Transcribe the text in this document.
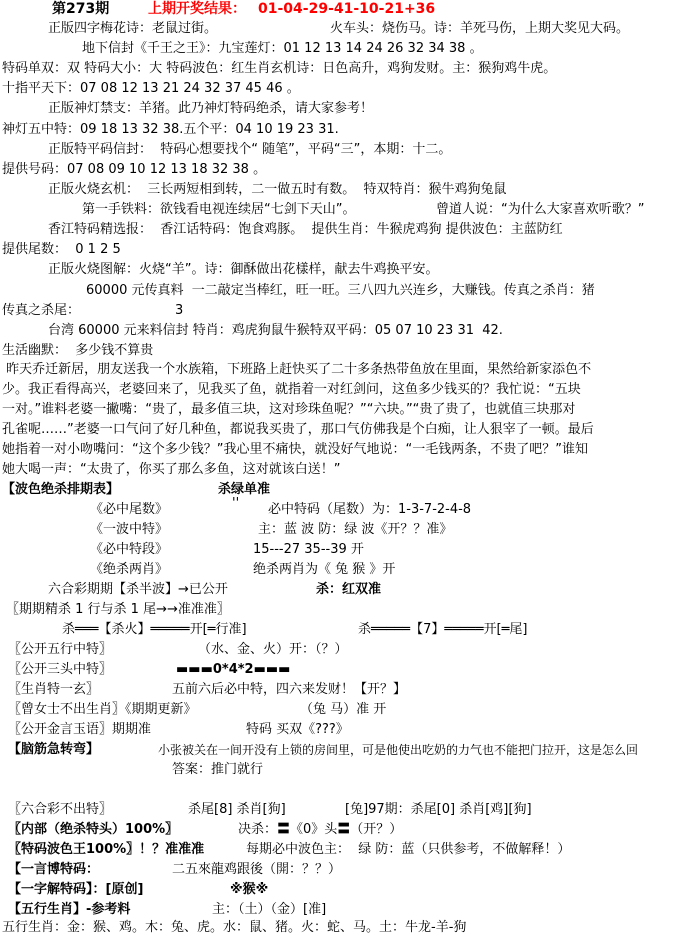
第273期	上期开奖结果： 01-04-29-41-10-21+36
正版四字梅花诗：老鼠过街。	火车头：烧伤马。诗：羊死马伤，上期大奖见大码。
地下信封《千王之王》：九宝莲灯：01 12 13 14 24 26 32 34 38 。
特码单双：双 特码大小：大 特码波色：红生肖玄机诗：日色高升，鸡狗发财。主：猴狗鸡牛虎。
十指平天下：07 08 12 13 21 24 32 37 45 46 。
正版神灯禁支：羊猪。此乃神灯特码绝杀，请大家参考！
神灯五中特：09 18 13 32 38.五个平：04 10 19 23 31.
正版特平码信封：  特码心想要找个“ 随笔”，平码“三”，本期：十二。
提供号码：07 08 09 10 12 13 18 32 38 。
正版火烧玄机：  三长两短相到转，二一做五时有数。  特双特肖：猴牛鸡狗兔鼠
第一手铁料：欲钱看电视连续居“七剑下天山”。	曾道人说：“为什么大家喜欢听歌？”
香江特码精选报：  香江话特码：饱食鸡豚。  提供生肖：牛猴虎鸡狗 提供波色：主蓝防红
提供尾数：  0 1 2 5
正版火烧图解：火烧“羊”。诗：御酥做出花樣样，献去牛鸡换平安。
60000 元传真料  一二敲定当棒红，旺一旺。三八四九兴连乡，大赚钱。传真之杀肖：猪
传真之杀尾：	3
台湾 60000 元来料信封 特肖：鸡虎狗鼠牛猴特双平码：05 07 10 23 31  42.
生活幽默：  多少钱不算贵
昨天乔迁新居，朋友送我一个水族箱，下班路上赶快买了二十多条热带鱼放在里面，果然给新家添色不
少。我正看得高兴，老婆回来了，见我买了鱼，就指着一对红剑问，这鱼多少钱买的？我忙说：“五块
一对。”谁料老婆一撇嘴：“贵了，最多值三块，这对珍珠鱼呢？”“六块。”“贵了贵了，也就值三块那对
孔雀呢……”老婆一口气问了好几种鱼，都说我买贵了，那口气仿佛我是个白痴，让人狠宰了一顿。最后
她指着一对小吻嘴问：“这个多少钱？”我心里不痛快，就没好气地说：“一毛钱两条，不贵了吧？”谁知
她大喝一声：“太贵了，你买了那么多鱼，这对就该白送！”
【波色绝杀排期表】	杀绿单准
《必中尾数》	'' 必中特码（尾数）为：1-3-7-2-4-8
《一波中特》	主：蓝 波 防：绿 波《开？？准》
《必中特段》	15---27 35--39 开
《绝杀两肖》	绝杀两肖为《 兔 猴 》开
六合彩期期【杀半波】→已公开	杀：红双准
〖期期精杀 1 行与杀 1 尾→→准准准〗
杀═══【杀火】═════开[═行准]	杀═════【7】═════开[═尾]
〖公开五行中特〗	（水、金、火）开：（？）
〖公开三头中特〗	▬▬▬0*4*2▬▬▬
〖生肖特一玄〗	五前六后必中特，四六来发财！【开？】
〖曾女士不出生肖〗《期期更新》	（兔 马）准 开
〖公开金言玉语〗期期准	特码 买双《???》
【脑筋急转弯】	小张被关在一间开没有上锁的房间里，可是他使出吃奶的力气也不能把门拉开，这是怎么回
答案：推门就行
〖六合彩不出特〗	杀尾[8] 杀肖[狗]	[兔]97期：杀尾[0] 杀肖[鸡][狗]
〖内部（绝杀特头）100%〗	决杀：〓《0》头〓（开？）
〖特码波色王100%〗！？准准准	每期必中波色主：  绿 防：蓝（只供参考，不做解释！）
【一言博特码：	二五來龍鸡跟後（開：？？）
【一字解特码】：[原创]	※猴※
【五行生肖】-参考料	主：（土）（金）[准]
五行生肖：金：猴、鸡。木：兔、虎。水：鼠、猪。火：蛇、马。土：牛龙-羊-狗
